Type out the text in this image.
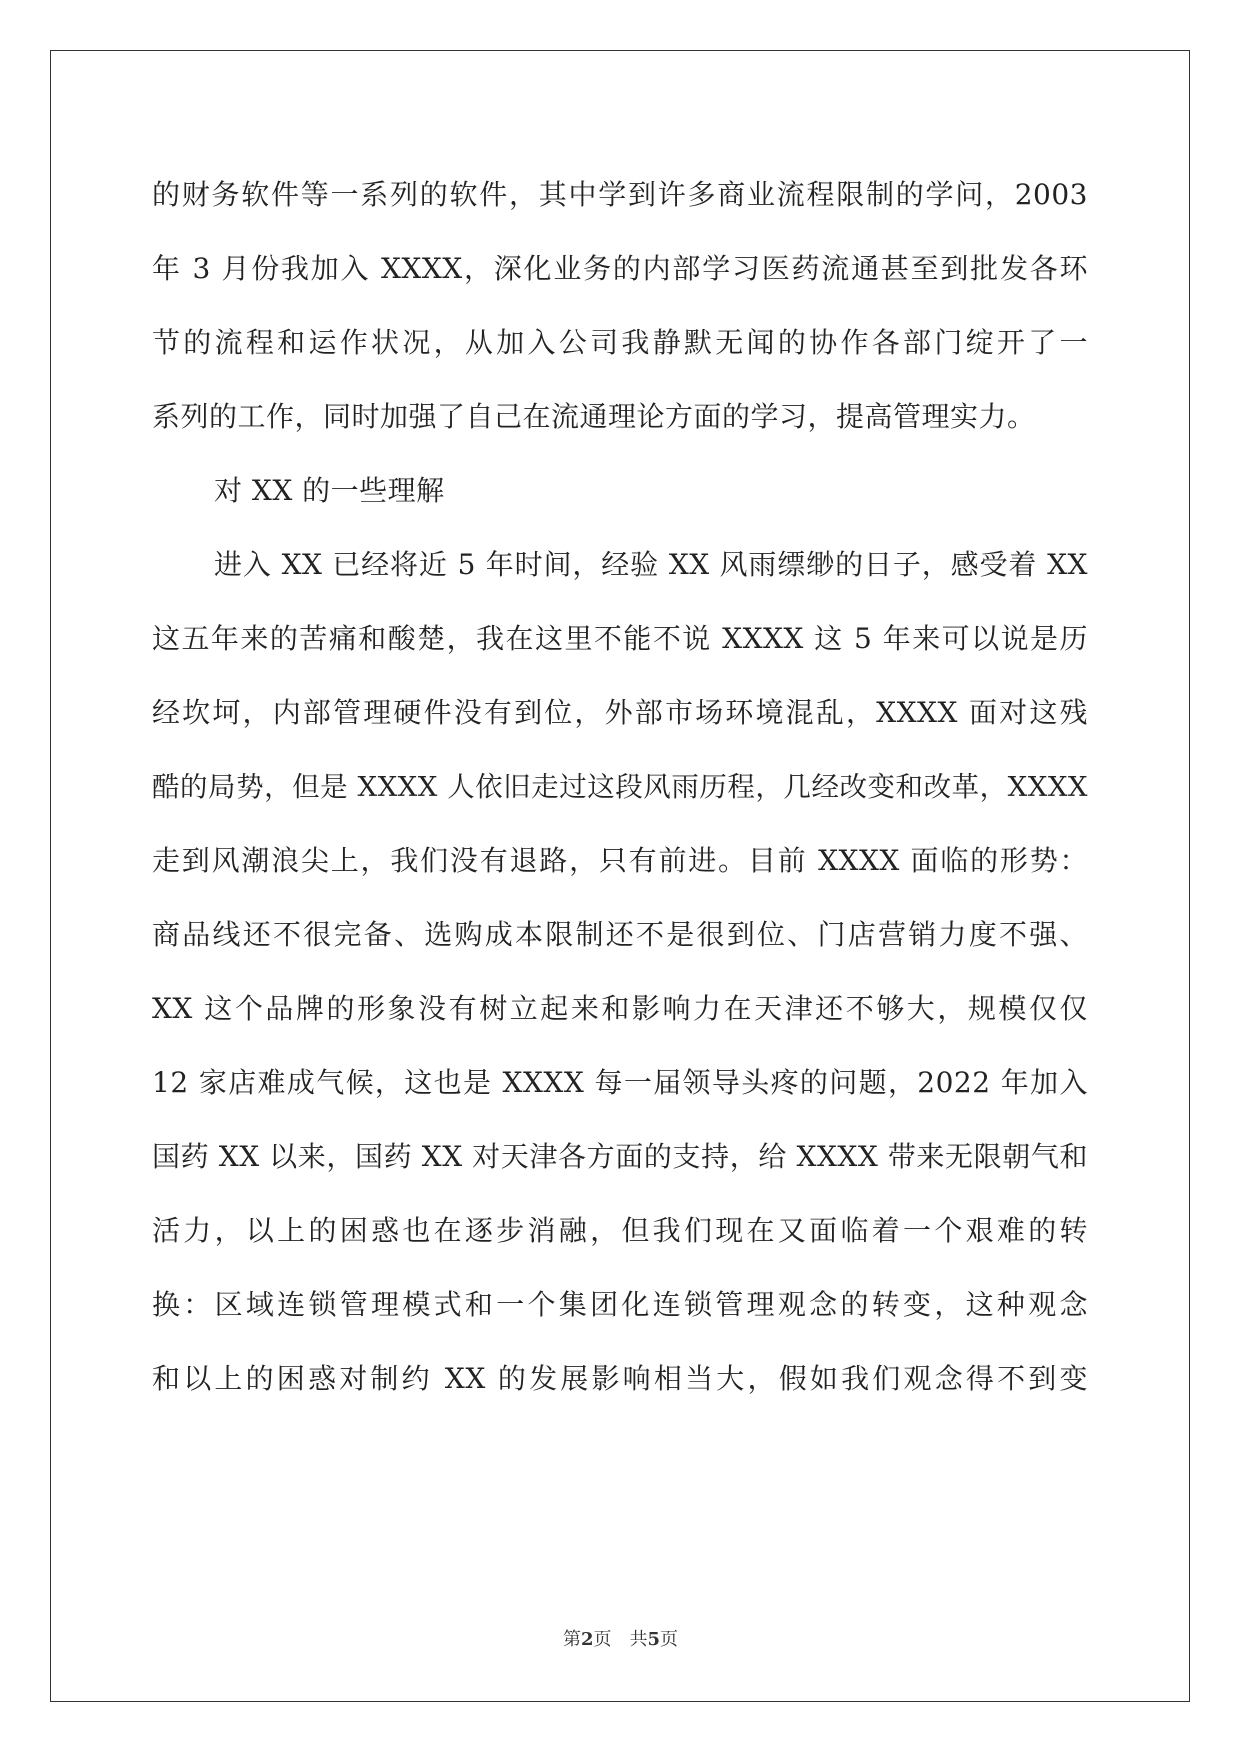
的财务软件等一系列的软件，其中学到许多商业流程限制的学问，2003
年 3 月份我加入 XXXX，深化业务的内部学习医药流通甚至到批发各环
节的流程和运作状况，从加入公司我静默无闻的协作各部门绽开了一
系列的工作，同时加强了自己在流通理论方面的学习，提高管理实力。
对 XX 的一些理解
进入 XX 已经将近 5 年时间，经验 XX 风雨缥缈的日子，感受着 XX
这五年来的苦痛和酸楚，我在这里不能不说 XXXX 这 5 年来可以说是历
经坎坷，内部管理硬件没有到位，外部市场环境混乱，XXXX 面对这残
酷的局势，但是 XXXX 人依旧走过这段风雨历程，几经改变和改革，XXXX
走到风潮浪尖上，我们没有退路，只有前进。目前 XXXX 面临的形势：
商品线还不很完备、选购成本限制还不是很到位、门店营销力度不强、
XX 这个品牌的形象没有树立起来和影响力在天津还不够大，规模仅仅
12 家店难成气候，这也是 XXXX 每一届领导头疼的问题，2022 年加入
国药 XX 以来，国药 XX 对天津各方面的支持，给 XXXX 带来无限朝气和
活力，以上的困惑也在逐步消融，但我们现在又面临着一个艰难的转
换：区域连锁管理模式和一个集团化连锁管理观念的转变，这种观念
和以上的困惑对制约 XX 的发展影响相当大，假如我们观念得不到变
第2页 共5页
